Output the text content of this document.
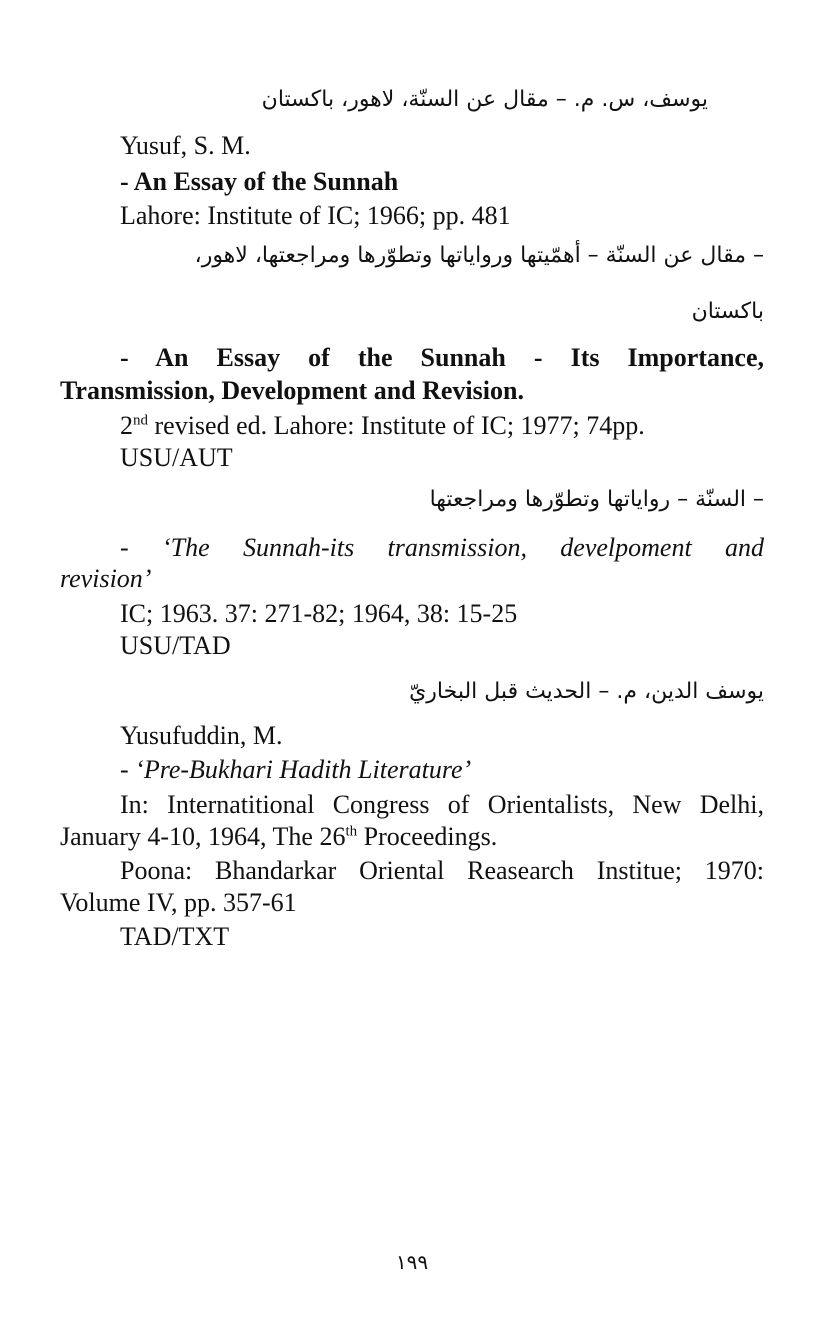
يوسف، س. م. – مقال عن السنّة، لاهور، باكستان
Yusuf, S. M.
- An Essay of the Sunnah
Lahore: Institute of IC; 1966; pp. 481
– مقال عن السنّة – أهمّيتها ورواياتها وتطوّرها ومراجعتها، لاهور،
باكستان
- An Essay of the Sunnah - Its Importance,
Transmission, Development and Revision.
2nd revised ed. Lahore: Institute of IC; 1977; 74pp.
USU/AUT
– السنّة – رواياتها وتطوّرها ومراجعتها
- ‘The Sunnah-its transmission, develpoment and
revision’
IC; 1963. 37: 271-82; 1964, 38: 15-25
USU/TAD
يوسف الدين، م. – الحديث قبل البخاريّ
Yusufuddin, M.
- ‘Pre-Bukhari Hadith Literature’
In: Internatitional Congress of Orientalists, New Delhi,
January 4-10, 1964, The 26th Proceedings.
Poona: Bhandarkar Oriental Reasearch Institue; 1970:
Volume IV, pp. 357-61
TAD/TXT
١٩٩
